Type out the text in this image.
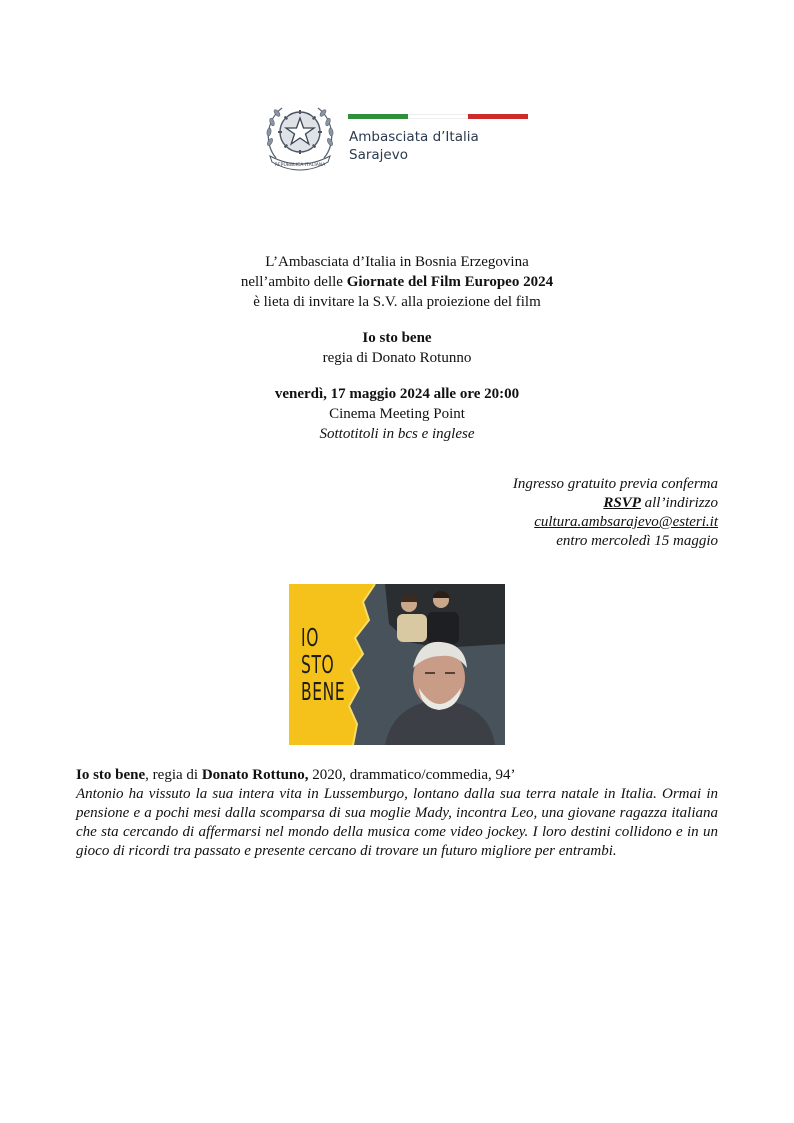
REPUBBLICA ITALIANA
Ambasciata d’Italia
Sarajevo
L’Ambasciata d’Italia in Bosnia Erzegovina
nell’ambito delle Giornate del Film Europeo 2024
è lieta di invitare la S.V. alla proiezione del film
Io sto bene
regia di Donato Rotunno
venerdì, 17 maggio 2024 alle ore 20:00
Cinema Meeting Point
Sottotitoli in bcs e inglese
Ingresso gratuito previa conferma
RSVP all’indirizzo
cultura.ambsarajevo@esteri.it
entro mercoledì 15 maggio
IO
STO
BENE
Io sto bene, regia di Donato Rottuno, 2020, drammatico/commedia, 94’
Antonio ha vissuto la sua intera vita in Lussemburgo, lontano dalla sua terra natale in Italia. Ormai in pensione e a pochi mesi dalla scomparsa di sua moglie Mady, incontra Leo, una giovane ragazza italiana che sta cercando di affermarsi nel mondo della musica come video jockey. I loro destini collidono e in un gioco di ricordi tra passato e presente cercano di trovare un futuro migliore per entrambi.
